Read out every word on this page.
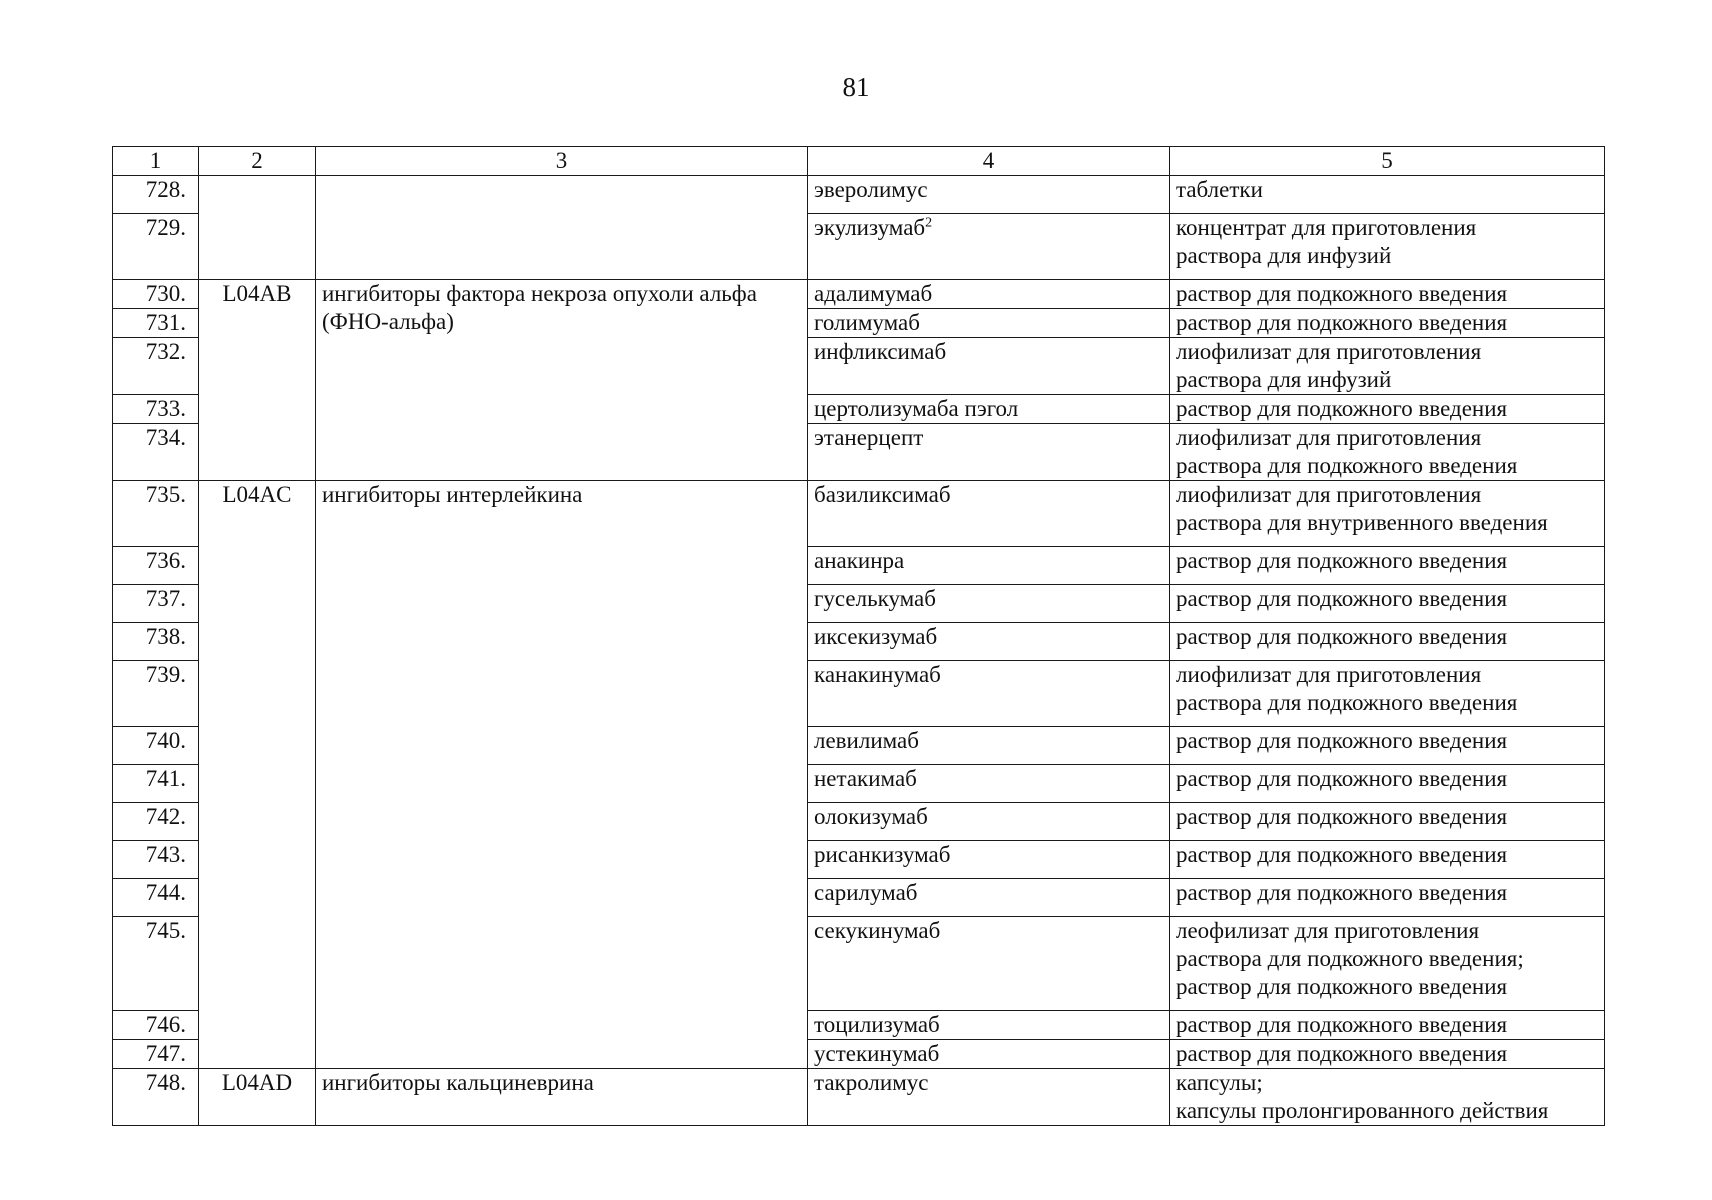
81
1	2	3	4	5
728.			эверолимус	таблетки

729.			экулизумаб$^2$	концентрат для приготовления
раствора для инфузий

730.	L04AB	ингибиторы фактора некроза опухоли альфа (ФНО-альфа)	адалимумаб	раствор для подкожного введения

731.			голимумаб	раствор для подкожного введения

732.			инфликсимаб	лиофилизат для приготовления
раствора для инфузий

733.			цертолизумаба пэгол	раствор для подкожного введения

734.			этанерцепт	лиофилизат для приготовления
раствора для подкожного введения

735.	L04AC	ингибиторы интерлейкина	базиликсимаб	лиофилизат для приготовления
раствора для внутривенного введения

736.			анакинра	раствор для подкожного введения

737.			гуселькумаб	раствор для подкожного введения

738.			иксекизумаб	раствор для подкожного введения

739.			канакинумаб	лиофилизат для приготовления
раствора для подкожного введения

740.			левилимаб	раствор для подкожного введения

741.			нетакимаб	раствор для подкожного введения

742.			олокизумаб	раствор для подкожного введения

743.			рисанкизумаб	раствор для подкожного введения

744.			сарилумаб	раствор для подкожного введения

745.			секукинумаб	леофилизат для приготовления
раствора для подкожного введения;
раствор для подкожного введения

746.			тоцилизумаб	раствор для подкожного введения

747.			устекинумаб	раствор для подкожного введения

748.	L04AD	ингибиторы кальциневрина	такролимус	капсулы;
капсулы пролонгированного действия
